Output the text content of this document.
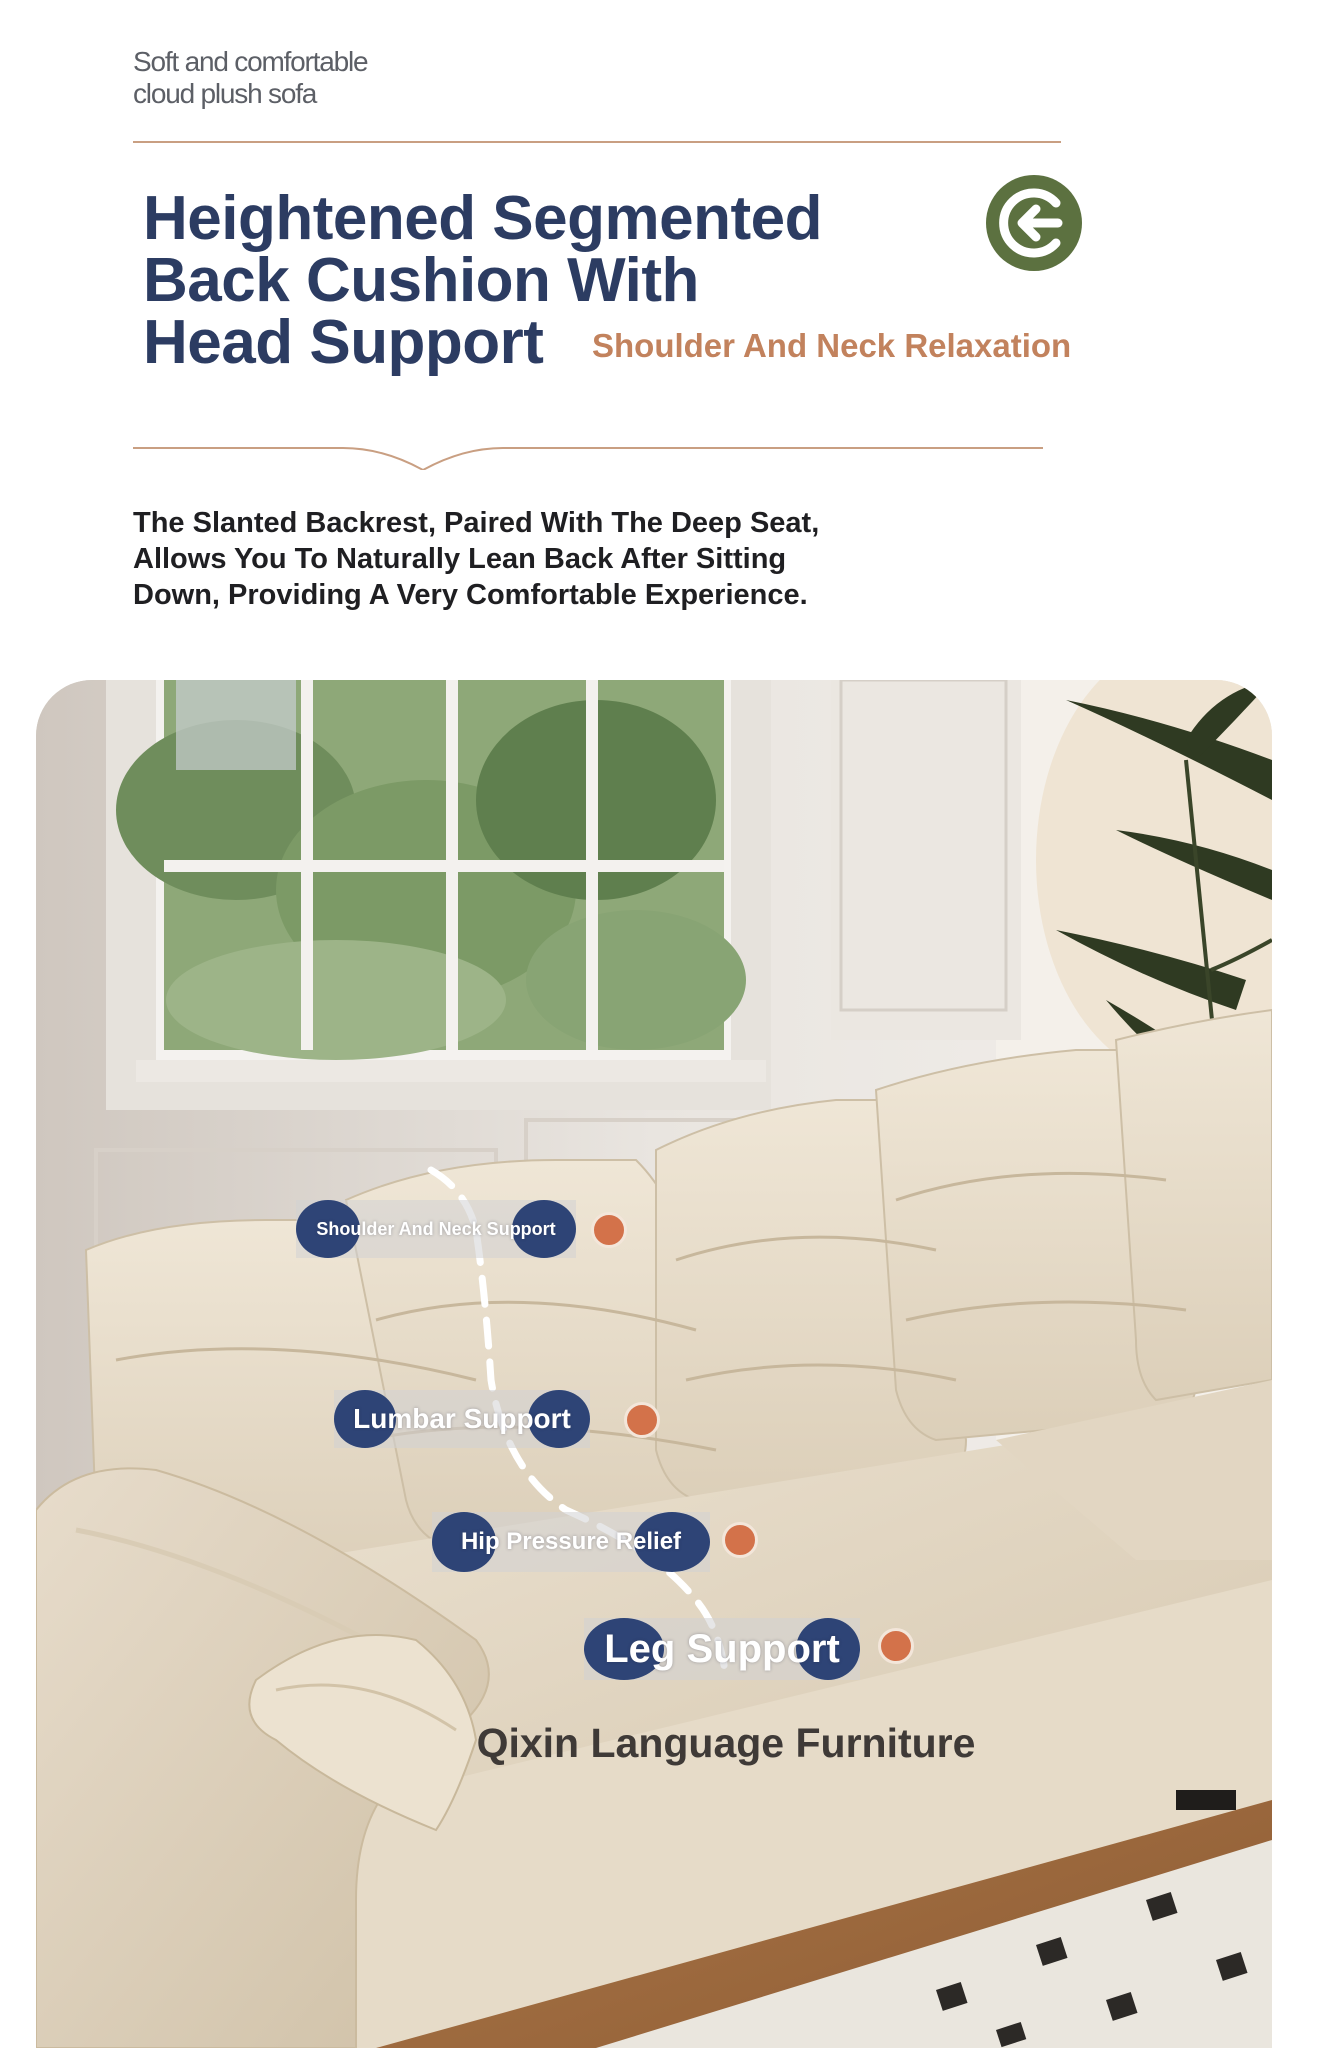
Soft and comfortable
cloud plush sofa
Heightened Segmented
Back Cushion With
Head Support	Shoulder And Neck Relaxation
The Slanted Backrest, Paired With The Deep Seat,
Allows You To Naturally Lean Back After Sitting
Down, Providing A Very Comfortable Experience.
Qixin Language Furniture
Shoulder And Neck Support
Lumbar Support
Hip Pressure Relief
Leg Support
